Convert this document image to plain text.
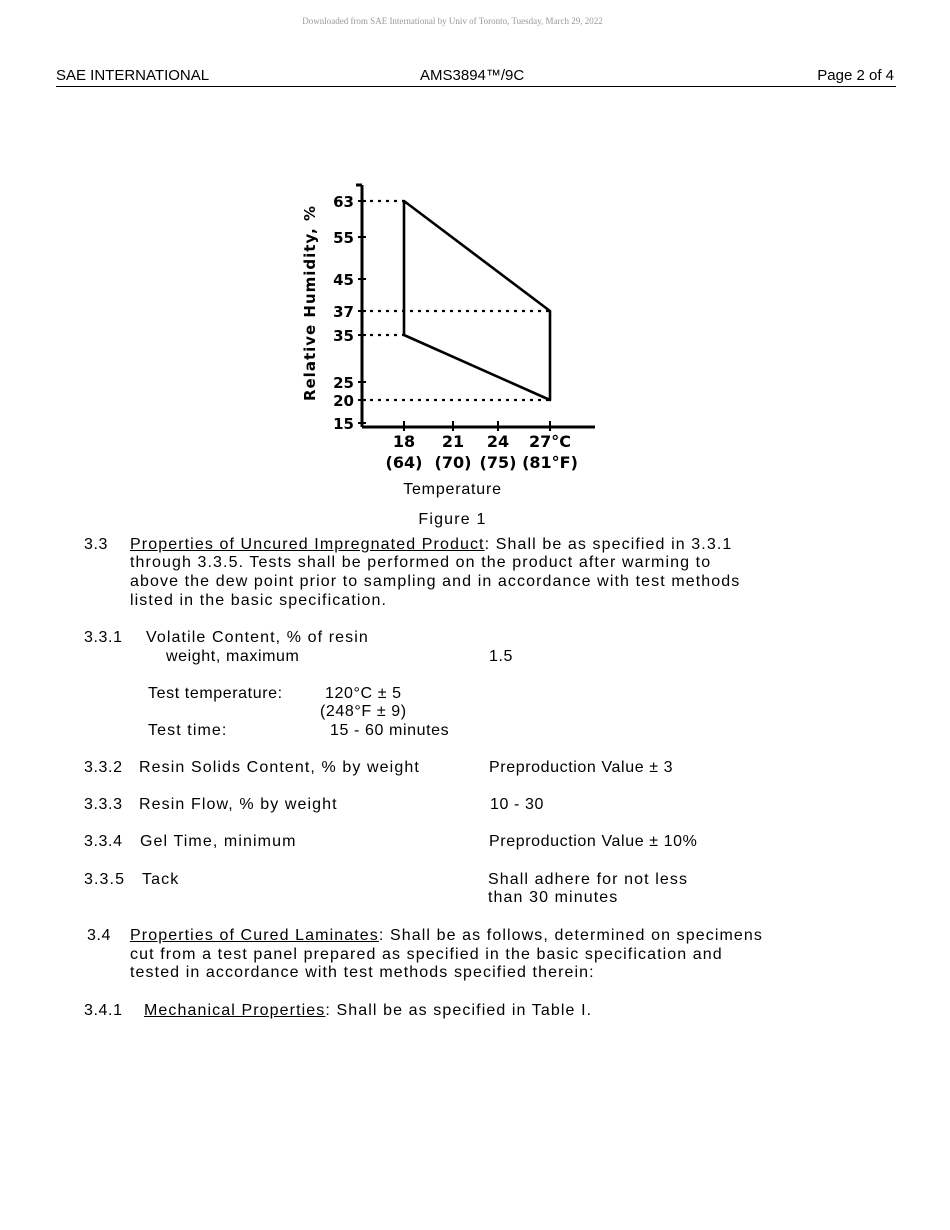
Downloaded from SAE International by Univ of Toronto, Tuesday, March 29, 2022
SAE INTERNATIONAL	AMS3894™/9C	Page 2 of 4
63
55
45
37
35
25
20
15
Relative Humidity, %
18
(64)
21
(70)
24
(75)
27°C
(81°F)
Temperature
Figure 1
3.3 Properties of Uncured Impregnated Product: Shall be as specified in 3.3.1
through 3.3.5. Tests shall be performed on the product after warming to
above the dew point prior to sampling and in accordance with test methods
listed in the basic specification.
3.3.1 Volatile Content, % of resin
weight, maximum	1.5
Test temperature:	120°C ± 5
(248°F ± 9)
Test time:	15 - 60 minutes
3.3.2 Resin Solids Content, % by weight	Preproduction Value ± 3
3.3.3 Resin Flow, % by weight	10 - 30
3.3.4 Gel Time, minimum	Preproduction Value ± 10%
3.3.5 Tack	Shall adhere for not less
than 30 minutes
3.4 Properties of Cured Laminates: Shall be as follows, determined on specimens
cut from a test panel prepared as specified in the basic specification and
tested in accordance with test methods specified therein:
3.4.1 Mechanical Properties: Shall be as specified in Table I.
